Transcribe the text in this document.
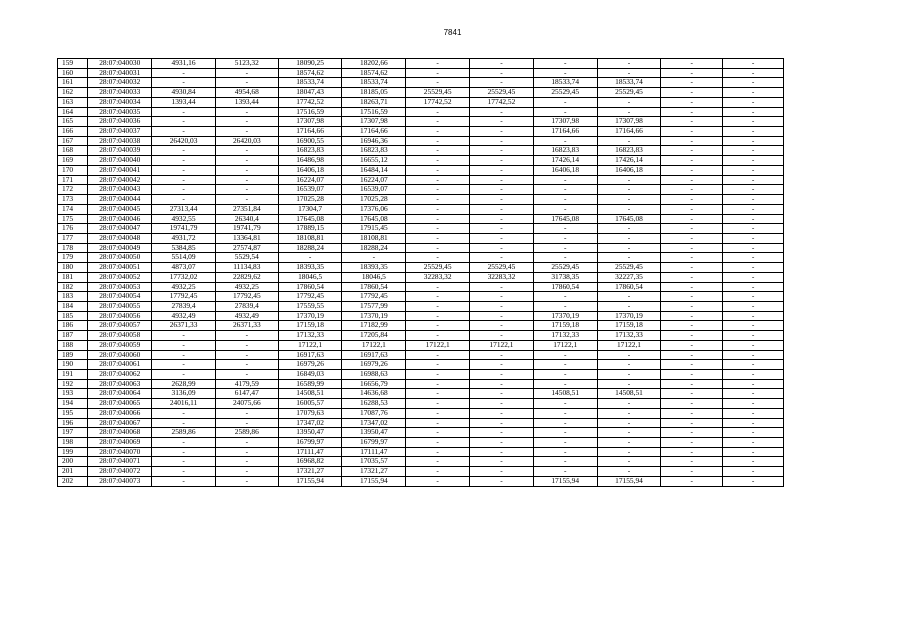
7841
159	28:07:040030	4931,16	5123,32	18090,25	18202,66	-	-	-	-	-	-
160	28:07:040031	-	-	18574,62	18574,62	-	-	-	-	-	-
161	28:07:040032	-	-	18533,74	18533,74	-	-	18533,74	18533,74	-	-
162	28:07:040033	4930,84	4954,68	18047,43	18185,05	25529,45	25529,45	25529,45	25529,45	-	-
163	28:07:040034	1393,44	1393,44	17742,52	18263,71	17742,52	17742,52	-	-	-	-
164	28:07:040035	-	-	17516,59	17516,59	-	-	-	-	-	-
165	28:07:040036	-	-	17307,98	17307,98	-	-	17307,98	17307,98	-	-
166	28:07:040037	-	-	17164,66	17164,66	-	-	17164,66	17164,66	-	-
167	28:07:040038	26420,03	26420,03	16900,55	16946,36	-	-	-	-	-	-
168	28:07:040039	-	-	16823,83	16823,83	-	-	16823,83	16823,83	-	-
169	28:07:040040	-	-	16486,98	16655,12	-	-	17426,14	17426,14	-	-
170	28:07:040041	-	-	16406,18	16484,14	-	-	16406,18	16406,18	-	-
171	28:07:040042	-	-	16224,07	16224,07	-	-	-	-	-	-
172	28:07:040043	-	-	16539,07	16539,07	-	-	-	-	-	-
173	28:07:040044	-	-	17025,28	17025,28	-	-	-	-	-	-
174	28:07:040045	27313,44	27351,84	17304,7	17376,06	-	-	-	-	-	-
175	28:07:040046	4932,55	26340,4	17645,08	17645,08	-	-	17645,08	17645,08	-	-
176	28:07:040047	19741,79	19741,79	17889,15	17915,45	-	-	-	-	-	-
177	28:07:040048	4931,72	13364,81	18108,81	18108,81	-	-	-	-	-	-
178	28:07:040049	5384,85	27574,87	18288,24	18288,24	-	-	-	-	-	-
179	28:07:040050	5514,09	5529,54	-	-	-	-	-	-	-	-
180	28:07:040051	4873,07	11134,83	18393,35	18393,35	25529,45	25529,45	25529,45	25529,45	-	-
181	28:07:040052	17732,02	22829,62	18046,5	18046,5	32283,32	32283,32	31738,35	32227,35	-	-
182	28:07:040053	4932,25	4932,25	17860,54	17860,54	-	-	17860,54	17860,54	-	-
183	28:07:040054	17792,45	17792,45	17792,45	17792,45	-	-	-	-	-	-
184	28:07:040055	27839,4	27839,4	17559,55	17577,99	-	-	-	-	-	-
185	28:07:040056	4932,49	4932,49	17370,19	17370,19	-	-	17370,19	17370,19	-	-
186	28:07:040057	26371,33	26371,33	17159,18	17182,99	-	-	17159,18	17159,18	-	-
187	28:07:040058	-	-	17132,33	17205,84	-	-	17132,33	17132,33	-	-
188	28:07:040059	-	-	17122,1	17122,1	17122,1	17122,1	17122,1	17122,1	-	-
189	28:07:040060	-	-	16917,63	16917,63	-	-	-	-	-	-
190	28:07:040061	-	-	16979,26	16979,26	-	-	-	-	-	-
191	28:07:040062	-	-	16849,03	16988,63	-	-	-	-	-	-
192	28:07:040063	2628,99	4179,59	16589,99	16656,79	-	-	-	-	-	-
193	28:07:040064	3136,09	6147,47	14508,51	14636,68	-	-	14508,51	14508,51	-	-
194	28:07:040065	24016,11	24075,66	16005,57	16288,53	-	-	-	-	-	-
195	28:07:040066	-	-	17079,63	17087,76	-	-	-	-	-	-
196	28:07:040067	-	-	17347,02	17347,02	-	-	-	-	-	-
197	28:07:040068	2589,86	2589,86	13950,47	13950,47	-	-	-	-	-	-
198	28:07:040069	-	-	16799,97	16799,97	-	-	-	-	-	-
199	28:07:040070	-	-	17111,47	17111,47	-	-	-	-	-	-
200	28:07:040071	-	-	16968,82	17035,57	-	-	-	-	-	-
201	28:07:040072	-	-	17321,27	17321,27	-	-	-	-	-	-
202	28:07:040073	-	-	17155,94	17155,94	-	-	17155,94	17155,94	-	-
